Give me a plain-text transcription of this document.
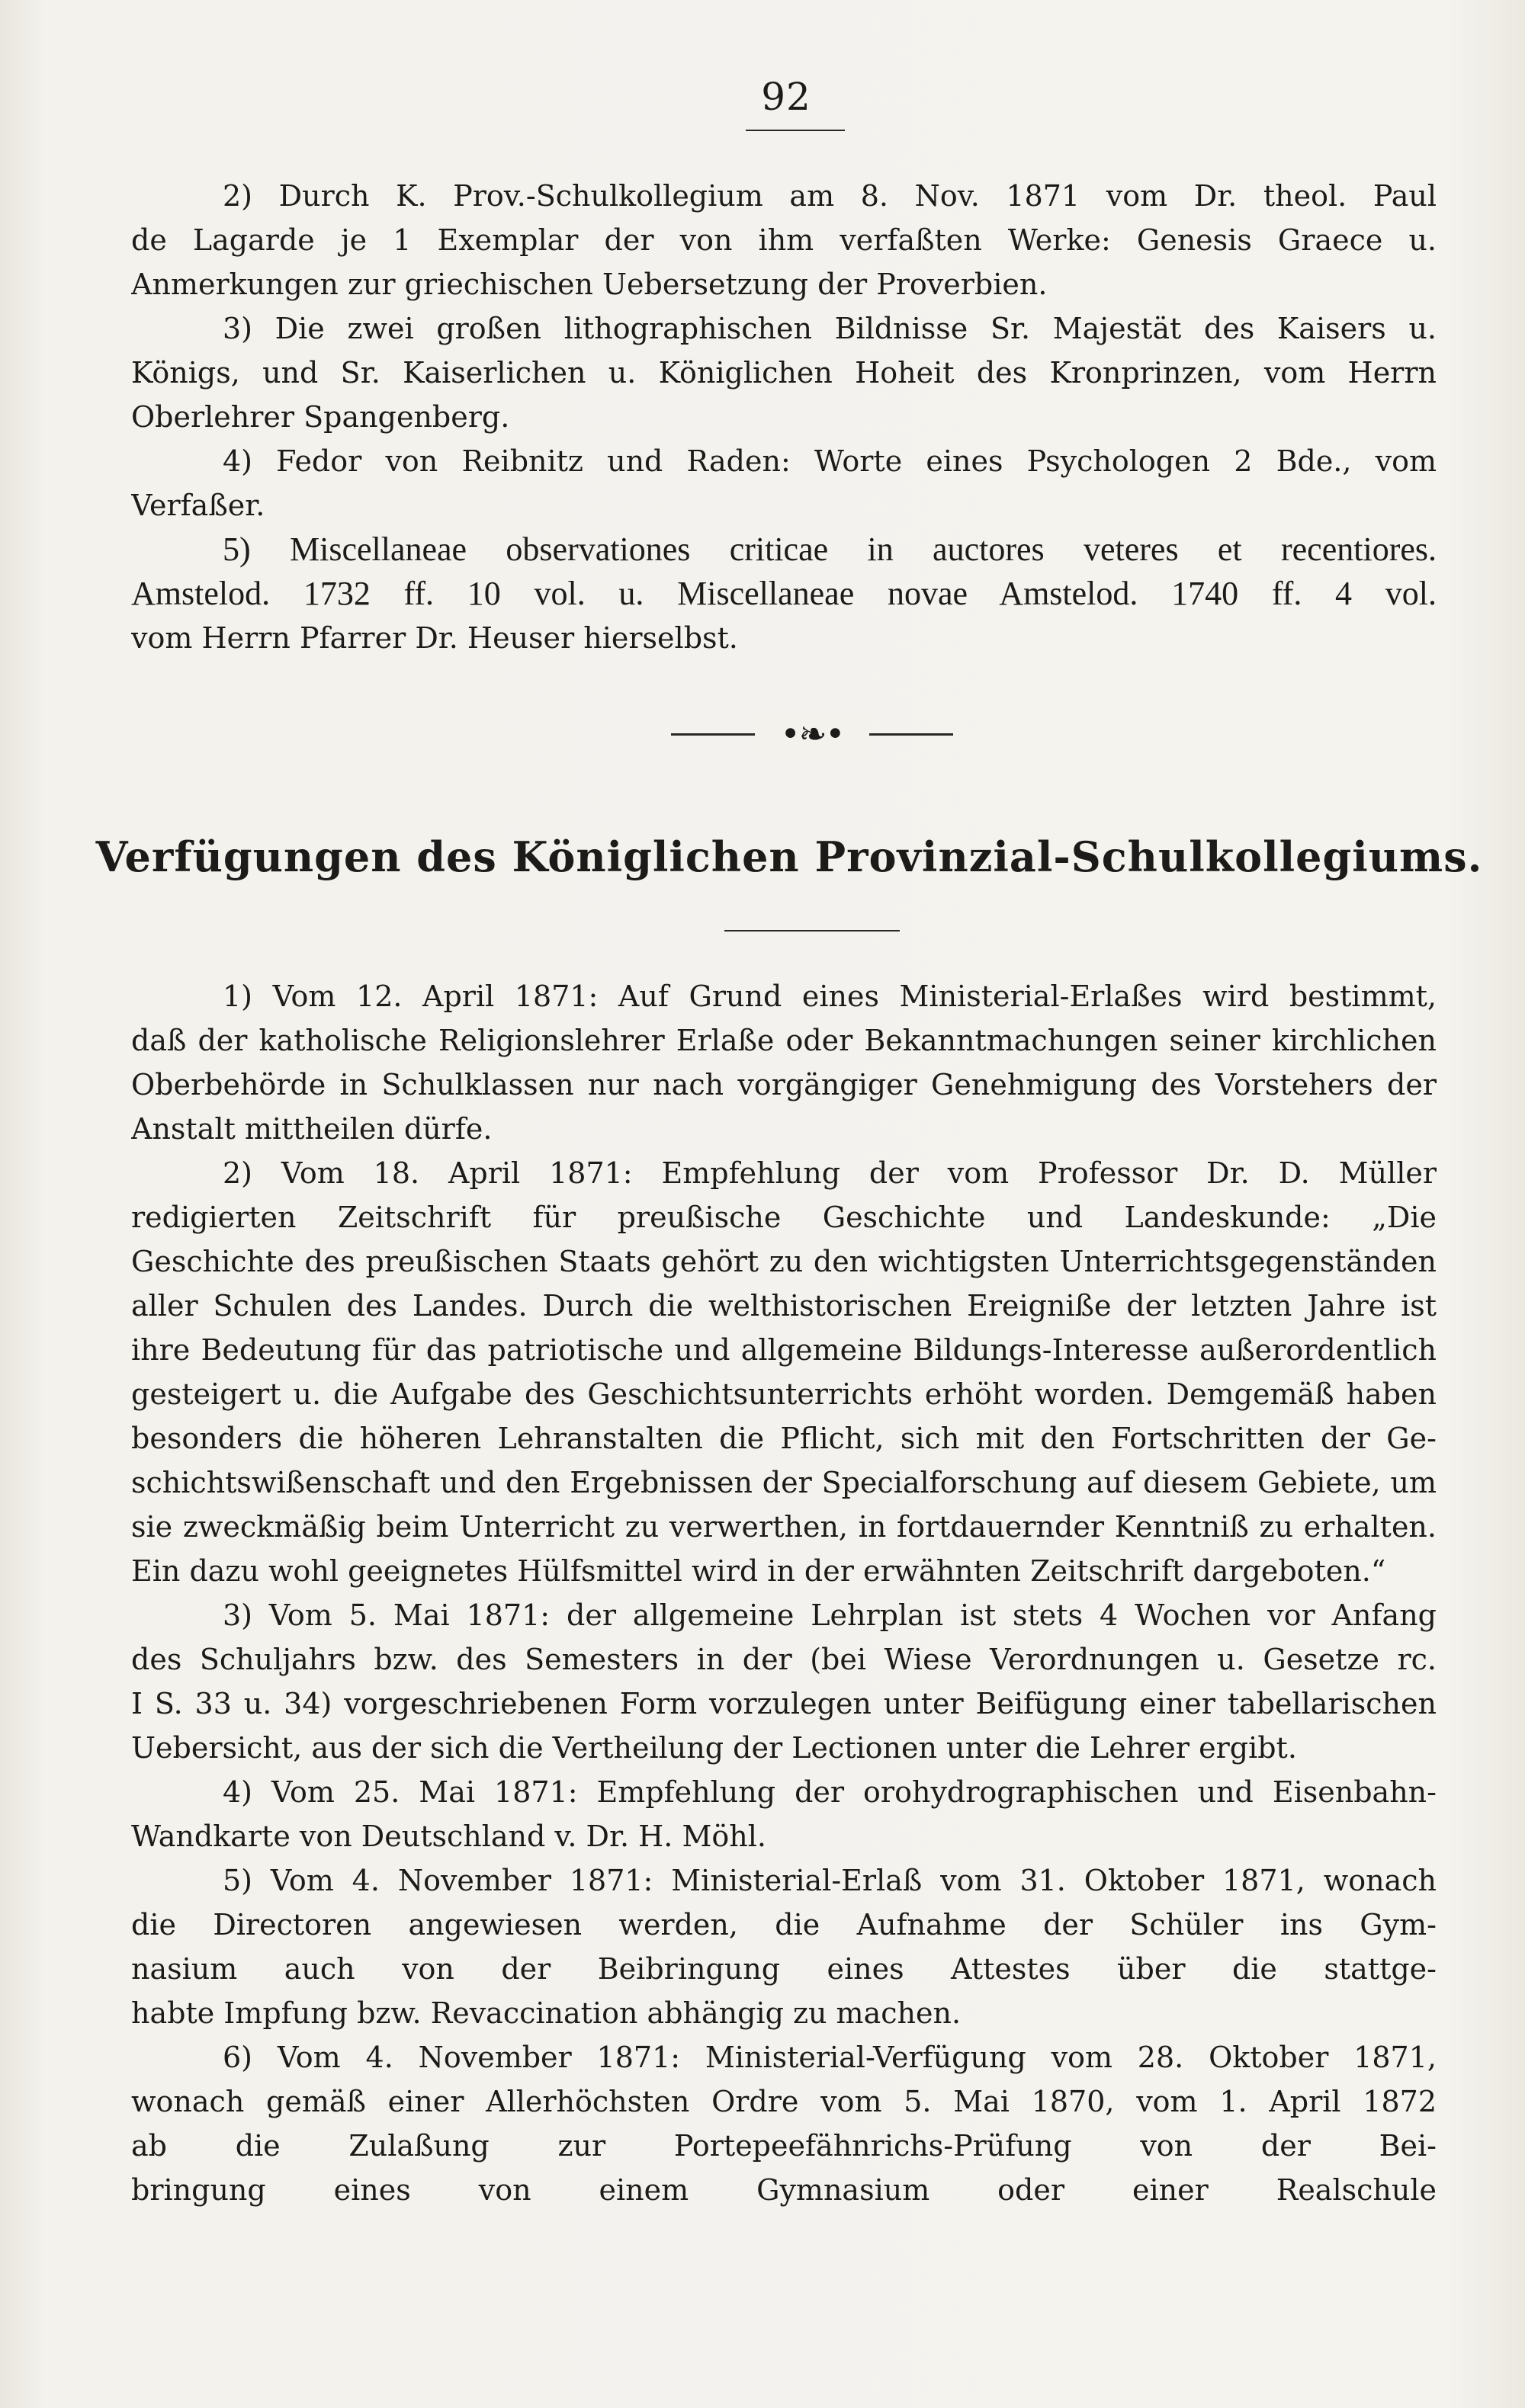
92
2) Durch K. Prov.-Schulkollegium am 8. Nov. 1871 vom Dr. theol. Paul
de Lagarde je 1 Exemplar der von ihm verfaßten Werke: Genesis Graece u.
Anmerkungen zur griechischen Uebersetzung der Proverbien.
3) Die zwei großen lithographischen Bildnisse Sr. Majestät des Kaisers u.
Königs, und Sr. Kaiserlichen u. Königlichen Hoheit des Kronprinzen, vom Herrn
Oberlehrer Spangenberg.
4) Fedor von Reibnitz und Raden: Worte eines Psychologen 2 Bde., vom
Verfaßer.
5) Miscellaneae observationes criticae in auctores veteres et recentiores.
Amstelod. 1732 ff. 10 vol. u. Miscellaneae novae Amstelod. 1740 ff. 4 vol.
vom Herrn Pfarrer Dr. Heuser hierselbst.
•❧•
Verfügungen des Königlichen Provinzial-Schulkollegiums.
1) Vom 12. April 1871: Auf Grund eines Ministerial-Erlaßes wird bestimmt,
daß der katholische Religionslehrer Erlaße oder Bekanntmachungen seiner kirchlichen
Oberbehörde in Schulklassen nur nach vorgängiger Genehmigung des Vorstehers der
Anstalt mittheilen dürfe.
2) Vom 18. April 1871: Empfehlung der vom Professor Dr. D. Müller
redigierten Zeitschrift für preußische Geschichte und Landeskunde: „Die
Geschichte des preußischen Staats gehört zu den wichtigsten Unterrichtsgegenständen
aller Schulen des Landes. Durch die welthistorischen Ereigniße der letzten Jahre ist
ihre Bedeutung für das patriotische und allgemeine Bildungs-Interesse außerordentlich
gesteigert u. die Aufgabe des Geschichtsunterrichts erhöht worden. Demgemäß haben
besonders die höheren Lehranstalten die Pflicht, sich mit den Fortschritten der Ge-
schichtswißenschaft und den Ergebnissen der Specialforschung auf diesem Gebiete, um
sie zweckmäßig beim Unterricht zu verwerthen, in fortdauernder Kenntniß zu erhalten.
Ein dazu wohl geeignetes Hülfsmittel wird in der erwähnten Zeitschrift dargeboten.“
3) Vom 5. Mai 1871: der allgemeine Lehrplan ist stets 4 Wochen vor Anfang
des Schuljahrs bzw. des Semesters in der (bei Wiese Verordnungen u. Gesetze rc.
I S. 33 u. 34) vorgeschriebenen Form vorzulegen unter Beifügung einer tabellarischen
Uebersicht, aus der sich die Vertheilung der Lectionen unter die Lehrer ergibt.
4) Vom 25. Mai 1871: Empfehlung der orohydrographischen und Eisenbahn-
Wandkarte von Deutschland v. Dr. H. Möhl.
5) Vom 4. November 1871: Ministerial-Erlaß vom 31. Oktober 1871, wonach
die Directoren angewiesen werden, die Aufnahme der Schüler ins Gym-
nasium auch von der Beibringung eines Attestes über die stattge-
habte Impfung bzw. Revaccination abhängig zu machen.
6) Vom 4. November 1871: Ministerial-Verfügung vom 28. Oktober 1871,
wonach gemäß einer Allerhöchsten Ordre vom 5. Mai 1870, vom 1. April 1872
ab die Zulaßung zur Portepeefähnrichs-Prüfung von der Bei-
bringung eines von einem Gymnasium oder einer Realschule
